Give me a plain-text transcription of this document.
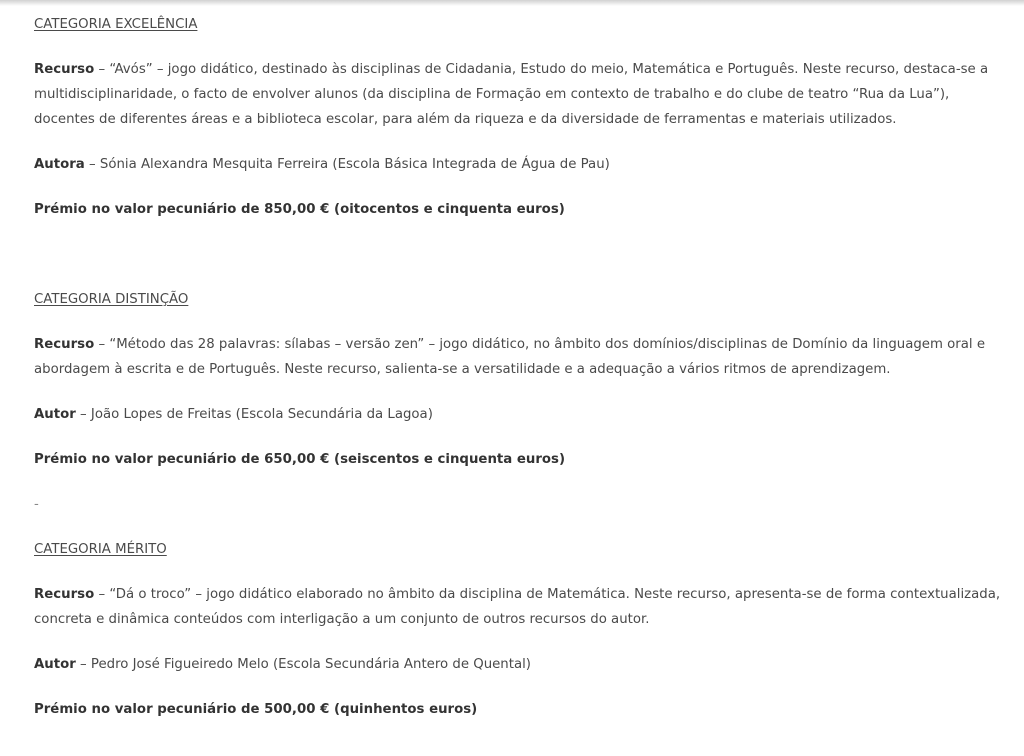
CATEGORIA EXCELÊNCIA

Recurso – “Avós” – jogo didático, destinado às disciplinas de Cidadania, Estudo do meio, Matemática e Português. Neste recurso, destaca-se a multidisciplinaridade, o facto de envolver alunos (da disciplina de Formação em contexto de trabalho e do clube de teatro “Rua da Lua”), docentes de diferentes áreas e a biblioteca escolar, para além da riqueza e da diversidade de ferramentas e materiais utilizados.

Autora – Sónia Alexandra Mesquita Ferreira (Escola Básica Integrada de Água de Pau)

Prémio no valor pecuniário de 850,00 € (oitocentos e cinquenta euros)

CATEGORIA DISTINÇÃO

Recurso – “Método das 28 palavras: sílabas – versão zen” – jogo didático, no âmbito dos domínios/disciplinas de Domínio da linguagem oral e abordagem à escrita e de Português. Neste recurso, salienta-se a versatilidade e a adequação a vários ritmos de aprendizagem.

Autor – João Lopes de Freitas (Escola Secundária da Lagoa)

Prémio no valor pecuniário de 650,00 € (seiscentos e cinquenta euros)

-

CATEGORIA MÉRITO

Recurso – “Dá o troco” – jogo didático elaborado no âmbito da disciplina de Matemática. Neste recurso, apresenta-se de forma contextualizada, concreta e dinâmica conteúdos com interligação a um conjunto de outros recursos do autor.

Autor – Pedro José Figueiredo Melo (Escola Secundária Antero de Quental)

Prémio no valor pecuniário de 500,00 € (quinhentos euros)
